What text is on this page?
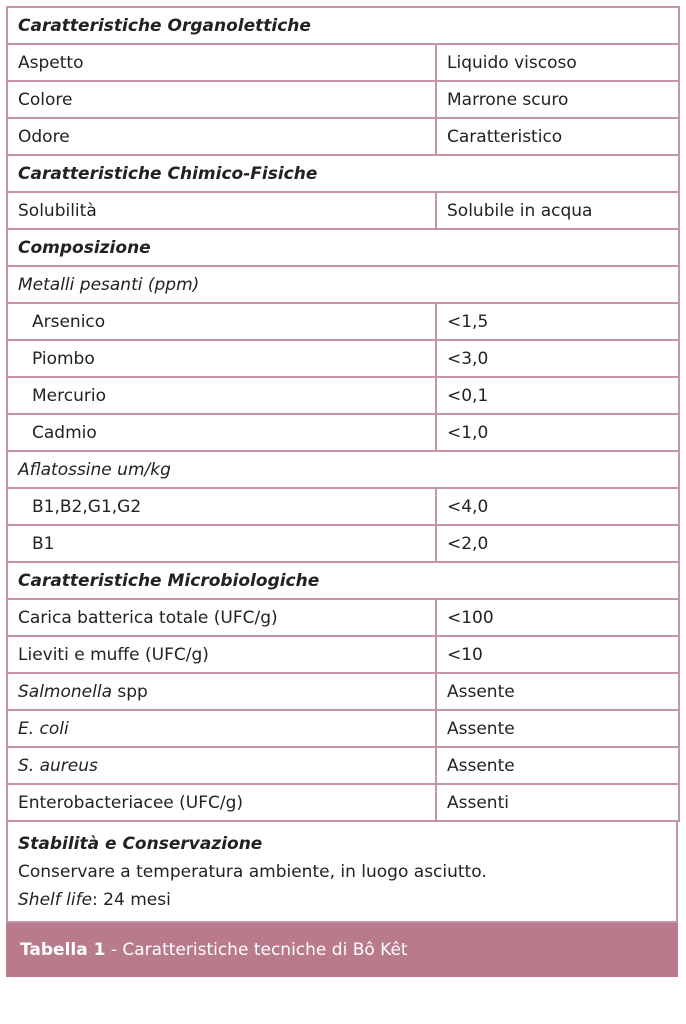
Caratteristiche Organolettiche	
Aspetto	Liquido viscoso
Colore	Marrone scuro
Odore	Caratteristico
Caratteristiche Chimico-Fisiche	
Solubilità	Solubile in acqua
Composizione	
Metalli pesanti (ppm)	
Arsenico	<1,5
Piombo	<3,0
Mercurio	<0,1
Cadmio	<1,0
Aflatossine um/kg	
B1,B2,G1,G2	<4,0
B1	<2,0
Caratteristiche Microbiologiche	
Carica batterica totale (UFC/g)	<100
Lieviti e muffe (UFC/g)	<10
Salmonella spp	Assente
E. coli	Assente
S. aureus	Assente
Enterobacteriacee (UFC/g)	Assenti
Stabilità e Conservazione
Conservare a temperatura ambiente, in luogo asciutto.
Shelf life: 24 mesi
Tabella 1 - Caratteristiche tecniche di Bô Kêt
